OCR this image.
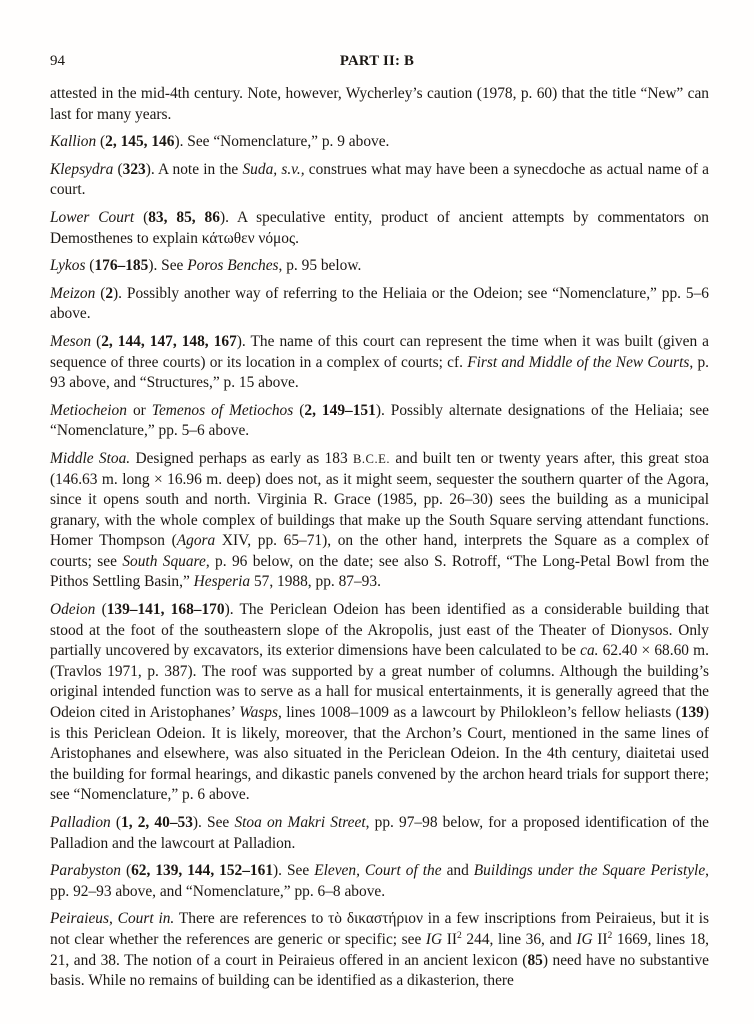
94	PART II: B

attested in the mid-4th century. Note, however, Wycherley’s caution (1978, p. 60) that the title “New” can last for many years.

Kallion (2, 145, 146). See “Nomenclature,” p. 9 above.

Klepsydra (323). A note in the Suda, s.v., construes what may have been a synecdoche as actual name of a court.

Lower Court (83, 85, 86). A speculative entity, product of ancient attempts by commentators on Demosthenes to explain κάτωθεν νόμος.

Lykos (176–185). See Poros Benches, p. 95 below.

Meizon (2). Possibly another way of referring to the Heliaia or the Odeion; see “Nomenclature,” pp. 5–6 above.

Meson (2, 144, 147, 148, 167). The name of this court can represent the time when it was built (given a sequence of three courts) or its location in a complex of courts; cf. First and Middle of the New Courts, p. 93 above, and “Structures,” p. 15 above.

Metiocheion or Temenos of Metiochos (2, 149–151). Possibly alternate designations of the Heliaia; see “Nomenclature,” pp. 5–6 above.

Middle Stoa. Designed perhaps as early as 183 B.C.E. and built ten or twenty years after, this great stoa (146.63 m. long × 16.96 m. deep) does not, as it might seem, sequester the southern quarter of the Agora, since it opens south and north. Virginia R. Grace (1985, pp. 26–30) sees the building as a municipal granary, with the whole complex of buildings that make up the South Square serving attendant functions. Homer Thompson (Agora XIV, pp. 65–71), on the other hand, interprets the Square as a complex of courts; see South Square, p. 96 below, on the date; see also S. Rotroff, “The Long-Petal Bowl from the Pithos Settling Basin,” Hesperia 57, 1988, pp. 87–93.

Odeion (139–141, 168–170). The Periclean Odeion has been identified as a considerable building that stood at the foot of the southeastern slope of the Akropolis, just east of the Theater of Dionysos. Only partially uncovered by excavators, its exterior dimensions have been calculated to be ca. 62.40 × 68.60 m. (Travlos 1971, p. 387). The roof was supported by a great number of columns. Although the building’s original intended function was to serve as a hall for musical entertainments, it is generally agreed that the Odeion cited in Aristophanes’ Wasps, lines 1008–1009 as a lawcourt by Philokleon’s fellow heliasts (139) is this Periclean Odeion. It is likely, moreover, that the Archon’s Court, mentioned in the same lines of Aristophanes and elsewhere, was also situated in the Periclean Odeion. In the 4th century, diaitetai used the building for formal hearings, and dikastic panels convened by the archon heard trials for support there; see “Nomenclature,” p. 6 above.

Palladion (1, 2, 40–53). See Stoa on Makri Street, pp. 97–98 below, for a proposed identification of the Palladion and the lawcourt at Palladion.

Parabyston (62, 139, 144, 152–161). See Eleven, Court of the and Buildings under the Square Peristyle, pp. 92–93 above, and “Nomenclature,” pp. 6–8 above.

Peiraieus, Court in. There are references to τὸ δικαστήριον in a few inscriptions from Peiraieus, but it is not clear whether the references are generic or specific; see IG $II^2$ 244, line 36, and IG $II^2$ 1669, lines 18, 21, and 38. The notion of a court in Peiraieus offered in an ancient lexicon (85) need have no substantive basis. While no remains of building can be identified as a dikasterion, there
